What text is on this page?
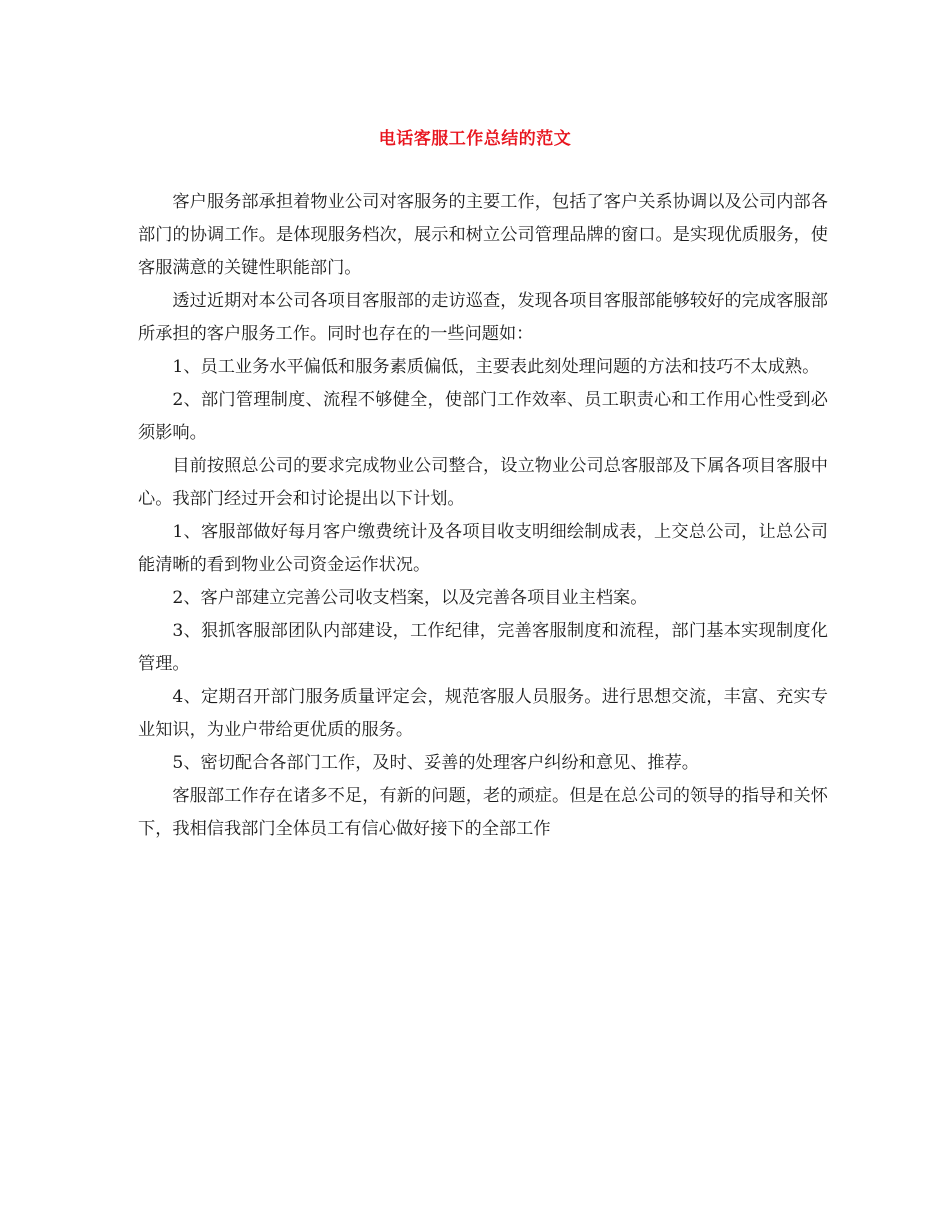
电话客服工作总结的范文

客户服务部承担着物业公司对客服务的主要工作，包括了客户关系协调以及公司内部各部门的协调工作。是体现服务档次，展示和树立公司管理品牌的窗口。是实现优质服务，使客服满意的关键性职能部门。

透过近期对本公司各项目客服部的走访巡查，发现各项目客服部能够较好的完成客服部所承担的客户服务工作。同时也存在的一些问题如：

1、员工业务水平偏低和服务素质偏低，主要表此刻处理问题的方法和技巧不太成熟。

2、部门管理制度、流程不够健全，使部门工作效率、员工职责心和工作用心性受到必须影响。

目前按照总公司的要求完成物业公司整合，设立物业公司总客服部及下属各项目客服中心。我部门经过开会和讨论提出以下计划。

1、客服部做好每月客户缴费统计及各项目收支明细绘制成表，上交总公司，让总公司能清晰的看到物业公司资金运作状况。

2、客户部建立完善公司收支档案，以及完善各项目业主档案。

3、狠抓客服部团队内部建设，工作纪律，完善客服制度和流程，部门基本实现制度化管理。

4、定期召开部门服务质量评定会，规范客服人员服务。进行思想交流，丰富、充实专业知识，为业户带给更优质的服务。

5、密切配合各部门工作，及时、妥善的处理客户纠纷和意见、推荐。

客服部工作存在诸多不足，有新的问题，老的顽症。但是在总公司的领导的指导和关怀下，我相信我部门全体员工有信心做好接下的全部工作
